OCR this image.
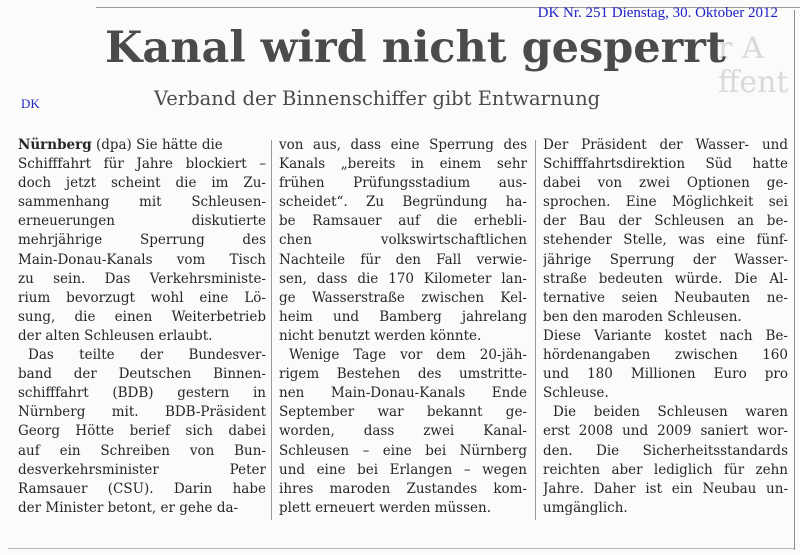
r A
ffent
DK Nr. 251 Dienstag, 30. Oktober 2012
DK
Kanal wird nicht gesperrt
Verband der Binnenschiffer gibt Entwarnung
Nürnberg (dpa) Sie hätte die
Schifffahrt für Jahre blockiert –
doch jetzt scheint die im Zu-
sammenhang mit Schleusen-
erneuerungen diskutierte
mehrjährige Sperrung des
Main-Donau-Kanals vom Tisch
zu sein. Das Verkehrsministe-
rium bevorzugt wohl eine Lö-
sung, die einen Weiterbetrieb
der alten Schleusen erlaubt.
Das teilte der Bundesver-
band der Deutschen Binnen-
schifffahrt (BDB) gestern in
Nürnberg mit. BDB-Präsident
Georg Hötte berief sich dabei
auf ein Schreiben von Bun-
desverkehrsminister Peter
Ramsauer (CSU). Darin habe
der Minister betont, er gehe da-
von aus, dass eine Sperrung des
Kanals „bereits in einem sehr
frühen Prüfungsstadium aus-
scheidet“. Zu Begründung ha-
be Ramsauer auf die erhebli-
chen volkswirtschaftlichen
Nachteile für den Fall verwie-
sen, dass die 170 Kilometer lan-
ge Wasserstraße zwischen Kel-
heim und Bamberg jahrelang
nicht benutzt werden könnte.
Wenige Tage vor dem 20-jäh-
rigem Bestehen des umstritte-
nen Main-Donau-Kanals Ende
September war bekannt ge-
worden, dass zwei Kanal-
Schleusen – eine bei Nürnberg
und eine bei Erlangen – wegen
ihres maroden Zustandes kom-
plett erneuert werden müssen.
Der Präsident der Wasser- und
Schifffahrtsdirektion Süd hatte
dabei von zwei Optionen ge-
sprochen. Eine Möglichkeit sei
der Bau der Schleusen an be-
stehender Stelle, was eine fünf-
jährige Sperrung der Wasser-
straße bedeuten würde. Die Al-
ternative seien Neubauten ne-
ben den maroden Schleusen.
Diese Variante kostet nach Be-
hördenangaben zwischen 160
und 180 Millionen Euro pro
Schleuse.
Die beiden Schleusen waren
erst 2008 und 2009 saniert wor-
den. Die Sicherheitsstandards
reichten aber lediglich für zehn
Jahre. Daher ist ein Neubau un-
umgänglich.
